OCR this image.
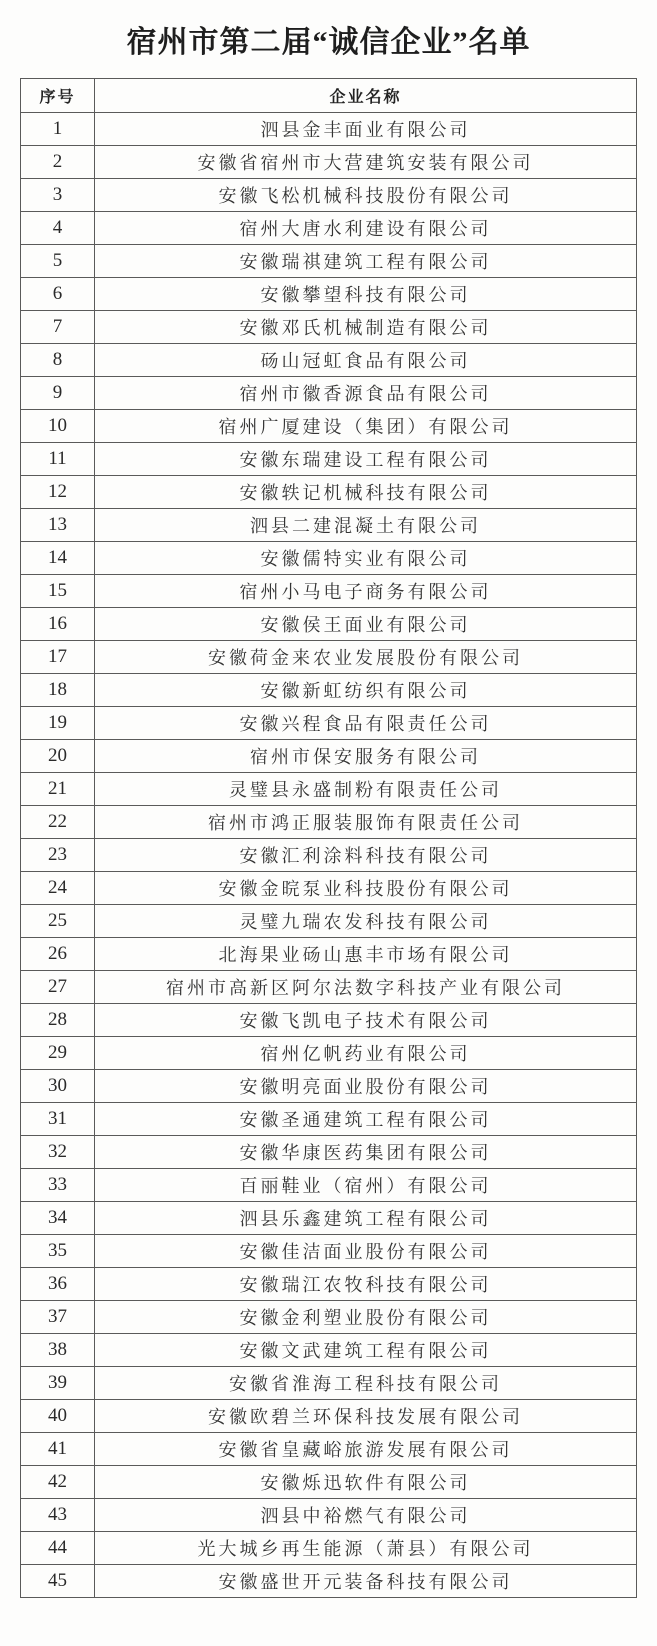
宿州市第二届“诚信企业”名单
序号	企业名称
1	泗县金丰面业有限公司
2	安徽省宿州市大营建筑安装有限公司
3	安徽飞松机械科技股份有限公司
4	宿州大唐水利建设有限公司
5	安徽瑞祺建筑工程有限公司
6	安徽攀望科技有限公司
7	安徽邓氏机械制造有限公司
8	砀山冠虹食品有限公司
9	宿州市徽香源食品有限公司
10	宿州广厦建设（集团）有限公司
11	安徽东瑞建设工程有限公司
12	安徽轶记机械科技有限公司
13	泗县二建混凝土有限公司
14	安徽儒特实业有限公司
15	宿州小马电子商务有限公司
16	安徽侯王面业有限公司
17	安徽荷金来农业发展股份有限公司
18	安徽新虹纺织有限公司
19	安徽兴程食品有限责任公司
20	宿州市保安服务有限公司
21	灵璧县永盛制粉有限责任公司
22	宿州市鸿正服装服饰有限责任公司
23	安徽汇利涂料科技有限公司
24	安徽金晥泵业科技股份有限公司
25	灵璧九瑞农发科技有限公司
26	北海果业砀山惠丰市场有限公司
27	宿州市高新区阿尔法数字科技产业有限公司
28	安徽飞凯电子技术有限公司
29	宿州亿帆药业有限公司
30	安徽明亮面业股份有限公司
31	安徽圣通建筑工程有限公司
32	安徽华康医药集团有限公司
33	百丽鞋业（宿州）有限公司
34	泗县乐鑫建筑工程有限公司
35	安徽佳洁面业股份有限公司
36	安徽瑞江农牧科技有限公司
37	安徽金利塑业股份有限公司
38	安徽文武建筑工程有限公司
39	安徽省淮海工程科技有限公司
40	安徽欧碧兰环保科技发展有限公司
41	安徽省皇藏峪旅游发展有限公司
42	安徽烁迅软件有限公司
43	泗县中裕燃气有限公司
44	光大城乡再生能源（萧县）有限公司
45	安徽盛世开元装备科技有限公司
